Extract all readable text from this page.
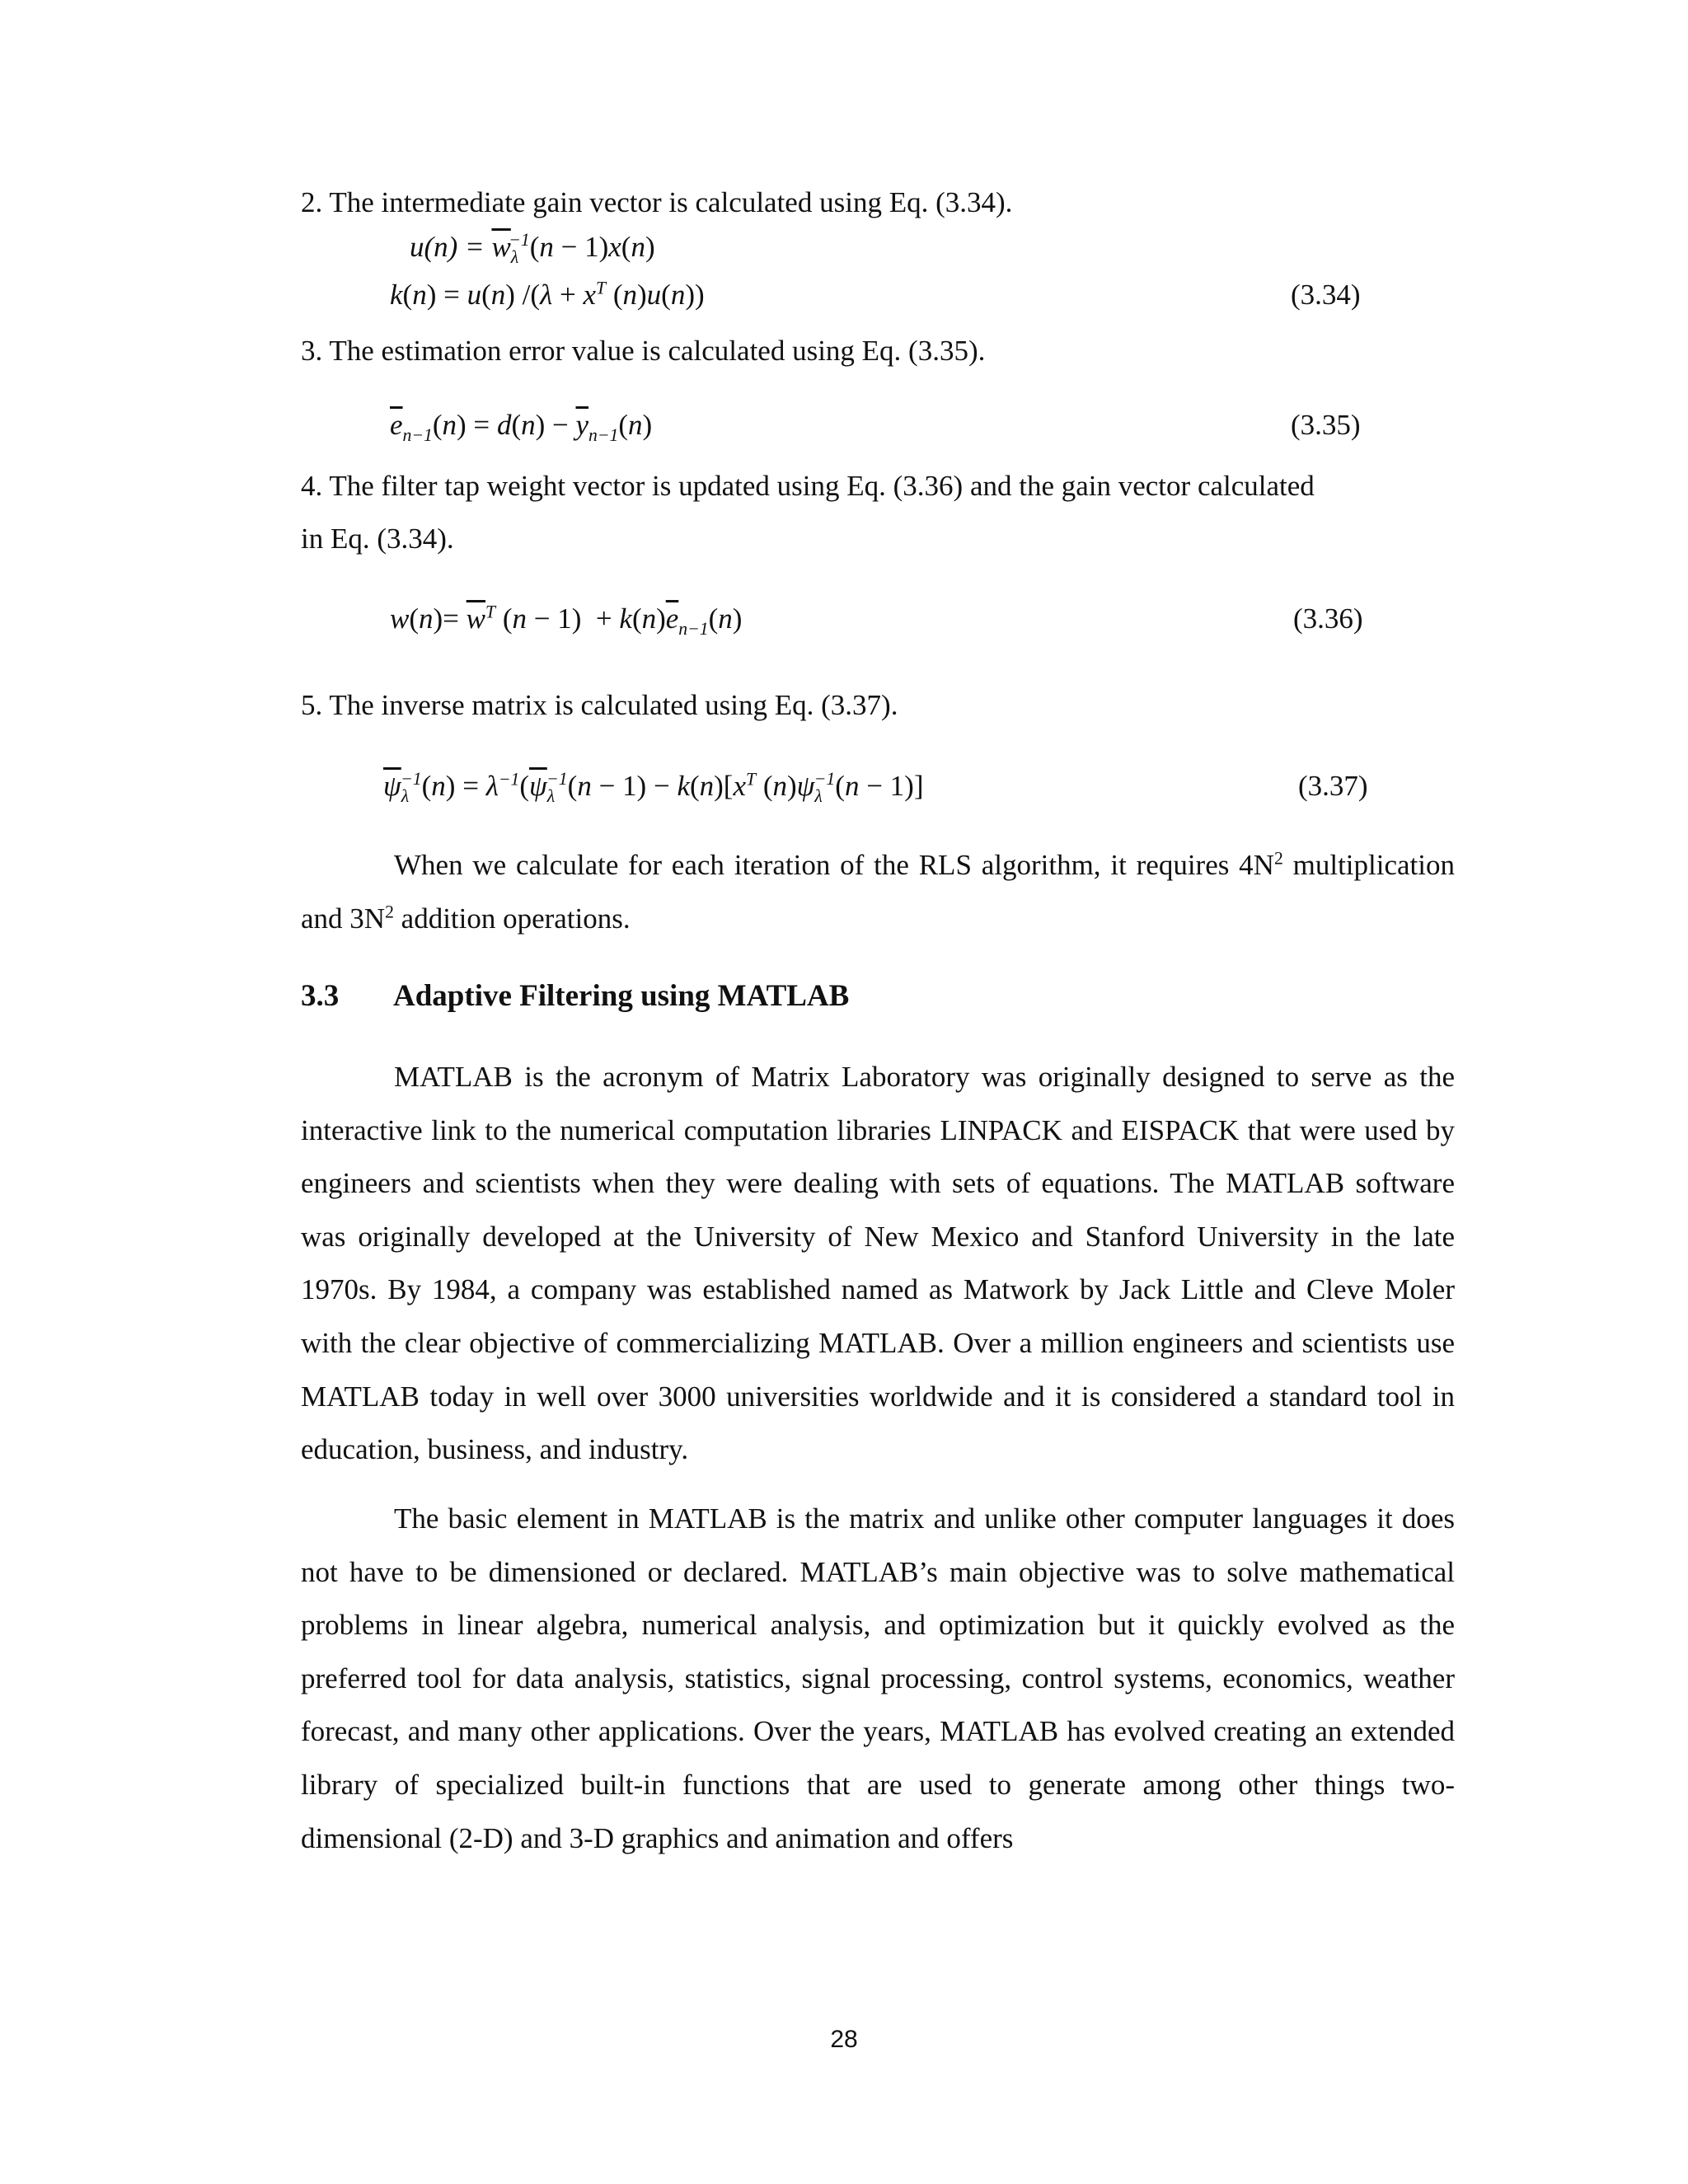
2. The intermediate gain vector is calculated using Eq. (3.34).
$u(n) = \overline{w}_\lambda^{-1}(n - 1)x(n)$
k(n) = u(n) $/(\lambda + x^T$ (n)u(n))	(3.34)
3. The estimation error value is calculated using Eq. (3.35).
$\overline{e}_{n-1}(n) = d(n) - \overline{y}_{n-1}(n)$	(3.35)
4. The filter tap weight vector is updated using Eq. (3.36) and the gain vector calculated
in Eq. (3.34).
$w(n)= \overline{w}^T$ $(n - 1) + k(n)\overline{e}_{n-1}(n)$	(3.36)
5. The inverse matrix is calculated using Eq. (3.37).
$\overline{\psi}_\lambda^{-1}(n) = \lambda^{-1}(\overline{\psi}_\lambda^{-1}(n - 1) - k(n)[x^T$ $(n)\psi_\lambda^{-1}(n - 1)$]	(3.37)

When we calculate for each iteration of the RLS algorithm, it requires $4N^2$ multiplication and $3N^2$ addition operations.

3.3 Adaptive Filtering using MATLAB

MATLAB is the acronym of Matrix Laboratory was originally designed to serve as the interactive link to the numerical computation libraries LINPACK and EISPACK that were used by engineers and scientists when they were dealing with sets of equations. The MATLAB software was originally developed at the University of New Mexico and Stanford University in the late 1970s. By 1984, a company was established named as Matwork by Jack Little and Cleve Moler with the clear objective of commercializing MATLAB. Over a million engineers and scientists use MATLAB today in well over 3000 universities worldwide and it is considered a standard tool in education, business, and industry.

The basic element in MATLAB is the matrix and unlike other computer languages it does not have to be dimensioned or declared. MATLAB’s main objective was to solve mathematical problems in linear algebra, numerical analysis, and optimization but it quickly evolved as the preferred tool for data analysis, statistics, signal processing, control systems, economics, weather forecast, and many other applications. Over the years, MATLAB has evolved creating an extended library of specialized built-in functions that are used to generate among other things two-dimensional (2-D) and 3-D graphics and animation and offers

28
